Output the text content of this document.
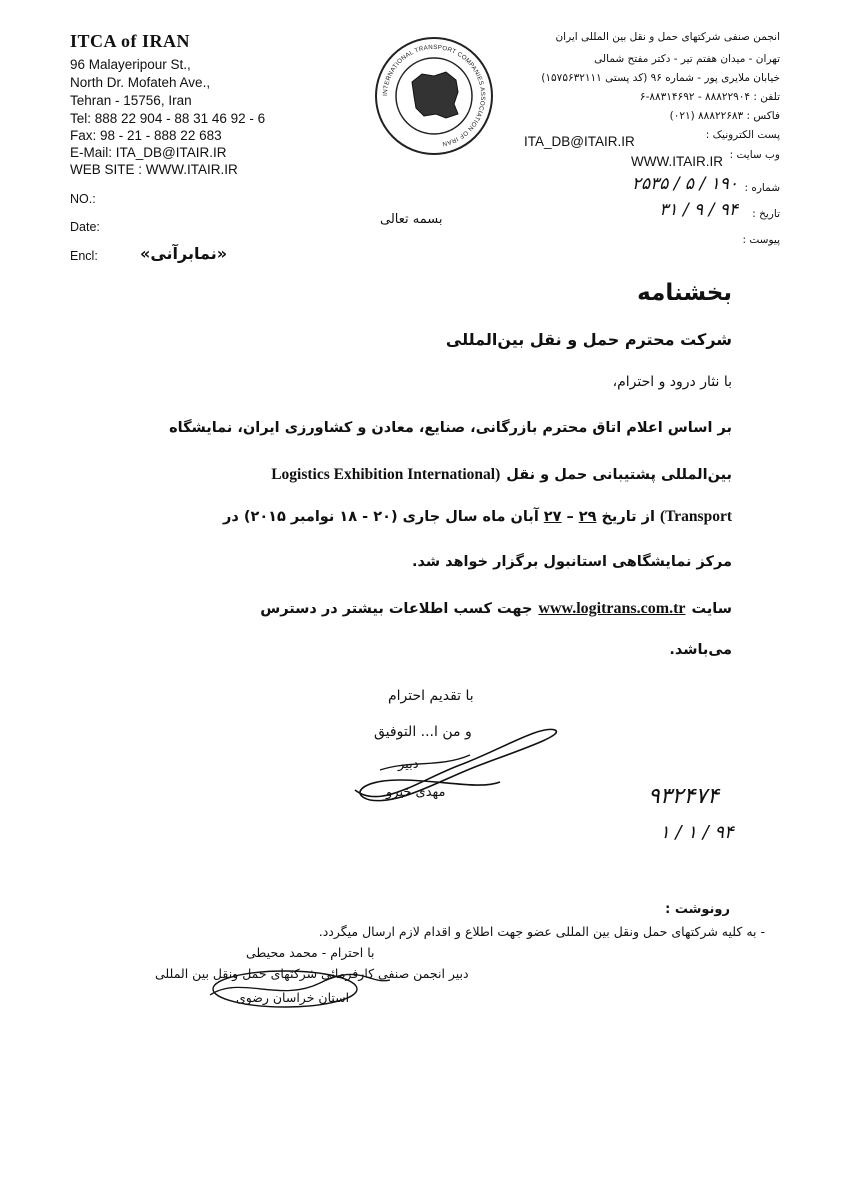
ITCA of IRAN
96 Malayeripour St.,
North Dr. Mofateh Ave.,
Tehran - 15756, Iran
Tel: 888 22 904 - 88 31 46 92 - 6
Fax: 98 - 21 - 888 22 683
E-Mail: ITA_DB@ITAIR.IR
WEB SITE : WWW.ITAIR.IR
INTERNATIONAL TRANSPORT COMPANIES ASSOCIATION OF IRAN
انجمن صنفی شرکتهای حمل و نقل بین المللی ایران
تهران - میدان هفتم تیر - دکتر مفتح شمالی
خیابان ملایری پور - شماره ۹۶ (کد پستی ۱۵۷۵۶۳۲۱۱۱)
تلفن : ۸۸۸۲۲۹۰۴ - ۸۸۳۱۴۶۹۲-۶
فاکس : ۸۸۸۲۲۶۸۳ (۰۲۱)
پست الکترونیک :
ITA_DB@ITAIR.IR
وب سایت :
WWW.ITAIR.IR
NO.:
Date:
Encl:
شماره :
۱۹۰ / ۵ / ۲۵۳۵
تاریخ :
۹۴ / ۹ / ۳۱
پیوست :
بسمه تعالی
«نمابرآنی»
بخشنامه
شرکت محترم حمل و نقل بین‌المللی
با نثار درود و احترام،
بر اساس اعلام اتاق محترم بازرگانی، صنایع، معادن و کشاورزی ایران، نمایشگاه
بین‌المللی پشتیبانی حمل و نقل
Logistics Exhibition International)
(Transport
از تاریخ
۲۹
–
۲۷
آبان ماه سال جاری (۲۰ - ۱۸ نوامبر ۲۰۱۵) در
مرکز نمایشگاهی استانبول برگزار خواهد شد.
سایت
www.logitrans.com.tr
جهت کسب اطلاعات بیشتر در دسترس
می‌باشد.
با تقدیم احترام
و من ا... التوفیق
دبیر
مهدی خیرو	۹۳۲۴۷۴
۹۴ / ۱ / ۱
رونوشت :
- به کلیه شرکتهای حمل ونقل بین المللی عضو جهت اطلاع و اقدام لازم ارسال میگردد.
با احترام - محمد محیطی
دبیر انجمن صنفی کارفرمائی شرکتهای حمل ونقل بین المللی
استان خراسان رضوی
